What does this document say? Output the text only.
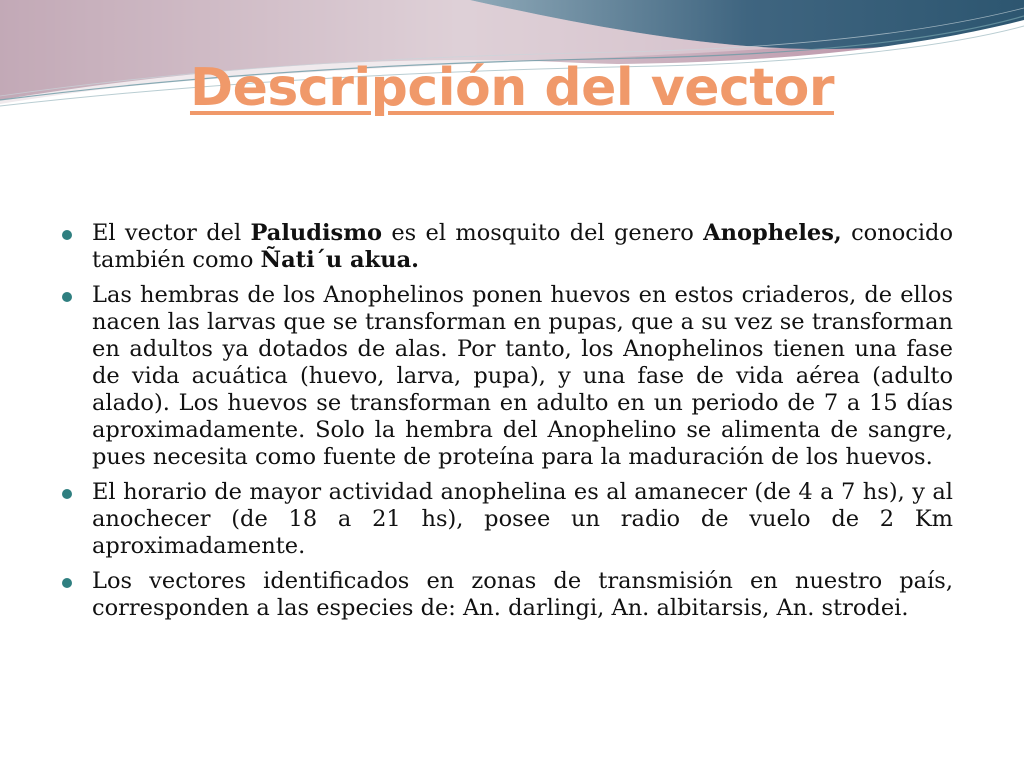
Descripción del vector
El vector del Paludismo es el mosquito del genero Anopheles, conocido también como Ñati´u akua.
Las hembras de los Anophelinos ponen huevos en estos criaderos, de ellos nacen las larvas que se transforman en pupas, que a su vez se transforman en adultos ya dotados de alas. Por tanto, los Anophelinos tienen una fase de vida acuática (huevo, larva, pupa), y una fase de vida aérea (adulto alado). Los huevos se transforman en adulto en un periodo de 7 a 15 días aproximadamente. Solo la hembra del Anophelino se alimenta de sangre, pues necesita como fuente de proteína para la maduración de los huevos.
El horario de mayor actividad anophelina es al amanecer (de 4 a 7 hs), y al anochecer (de 18 a 21 hs), posee un radio de vuelo de 2 Km aproximadamente.
Los vectores identificados en zonas de transmisión en nuestro país, corresponden a las especies de: An. darlingi, An. albitarsis, An. strodei.
